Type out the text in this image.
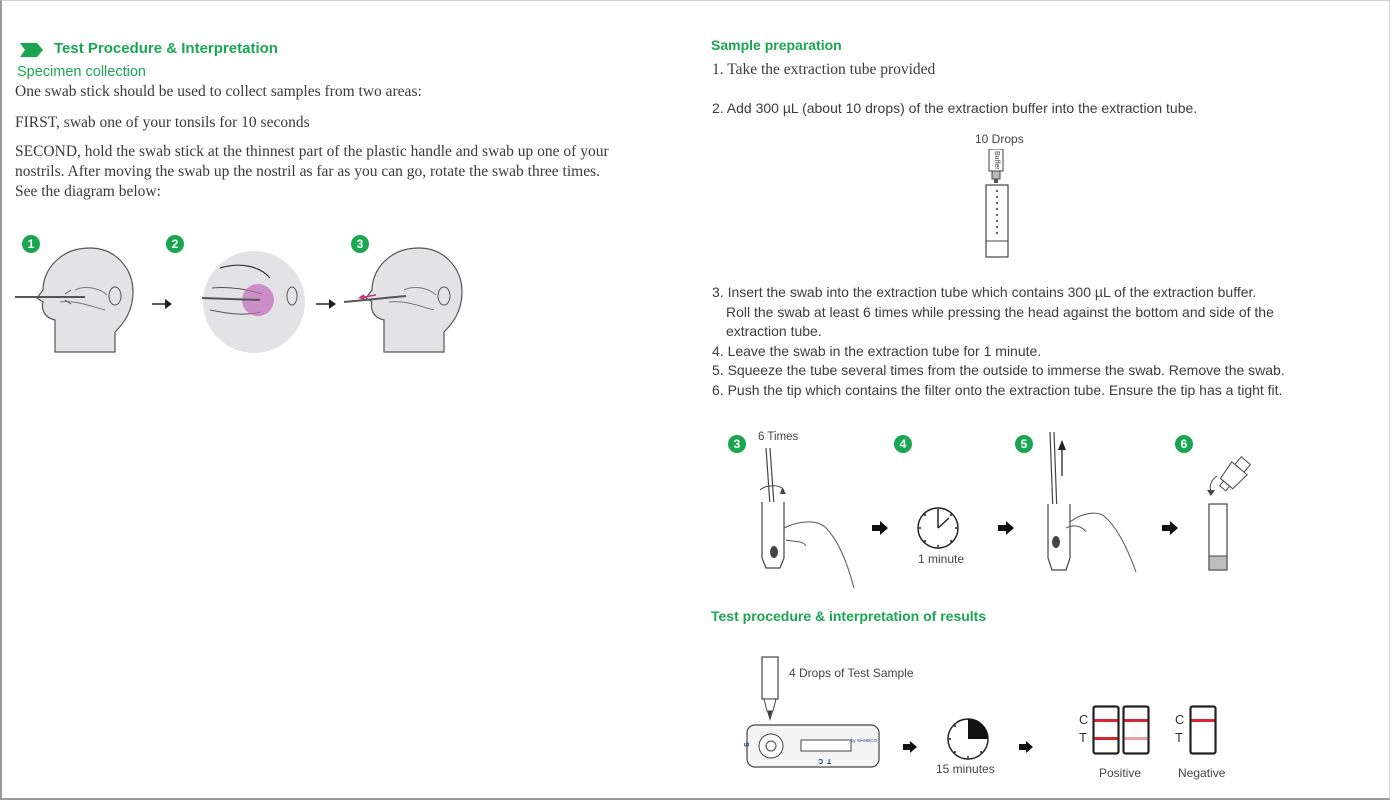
Test Procedure & Interpretation
Specimen collection
One swab stick should be used to collect samples from two areas:
FIRST, swab one of your tonsils for 10 seconds
SECOND, hold the swab stick at the thinnest part of the plastic handle and swab up one of your nostrils. After moving the swab up the nostril as far as you can go, rotate the swab three times. See the diagram below:
1	2	3
Sample preparation
1. Take the extraction tube provided
2. Add 300 µL (about 10 drops) of the extraction buffer into the extraction tube.
10 Drops
Buffer

3. Insert the swab into the extraction tube which contains 300 µL of the extraction buffer.

Roll the swab at least 6 times while pressing the head against the bottom and side of the

extraction tube.

4. Leave the swab in the extraction tube for 1 minute.

5. Squeeze the tube several times from the outside to immerse the swab. Remove the swab.

6. Push the tip which contains the filter onto the extraction tube. Ensure the tip has a tight fit.

3	6 Times	4	5	6
1 minute
Test procedure & interpretation of results
4 Drops of Test Sample
S
T  C
by SI•SIBCO
15 minutes
C
T
Positive
C
T
Negative
